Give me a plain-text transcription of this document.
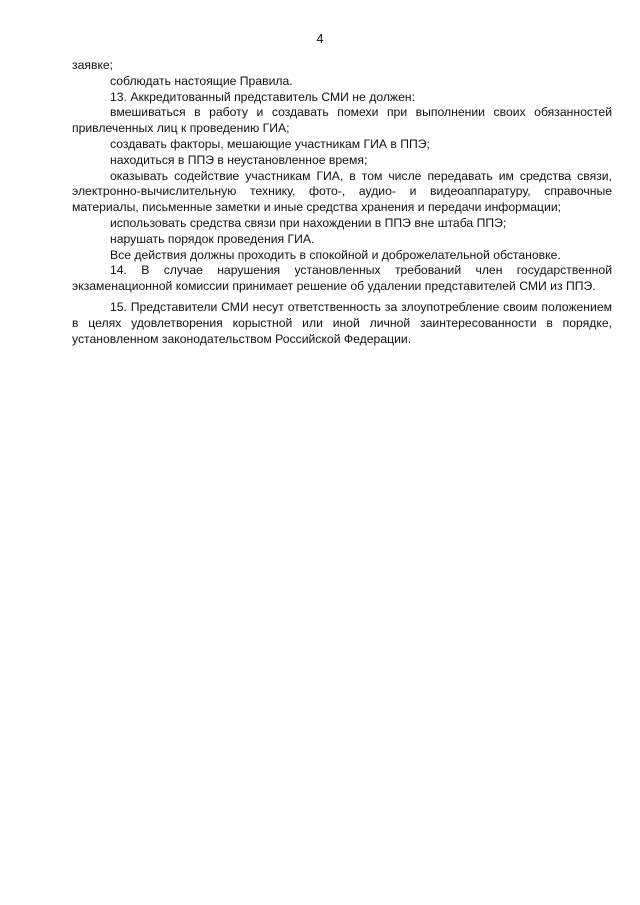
4

заявке;

соблюдать настоящие Правила.

13. Аккредитованный представитель СМИ не должен:

вмешиваться в работу и создавать помехи при выполнении своих обязанностей привлеченных лиц к проведению ГИА;

создавать факторы, мешающие участникам ГИА в ППЭ;

находиться в ППЭ в неустановленное время;

оказывать содействие участникам ГИА, в том числе передавать им средства связи, электронно-вычислительную технику, фото-, аудио- и видеоаппаратуру, справочные материалы, письменные заметки и иные средства хранения и передачи информации;

использовать средства связи при нахождении в ППЭ вне штаба ППЭ;

нарушать порядок проведения ГИА.

Все действия должны проходить в спокойной и доброжелательной обстановке.

14. В случае нарушения установленных требований член государственной экзаменационной комиссии принимает решение об удалении представителей СМИ из ППЭ.

15. Представители СМИ несут ответственность за злоупотребление своим положением в целях удовлетворения корыстной или иной личной заинтересованности в порядке, установленном законодательством Российской Федерации.
